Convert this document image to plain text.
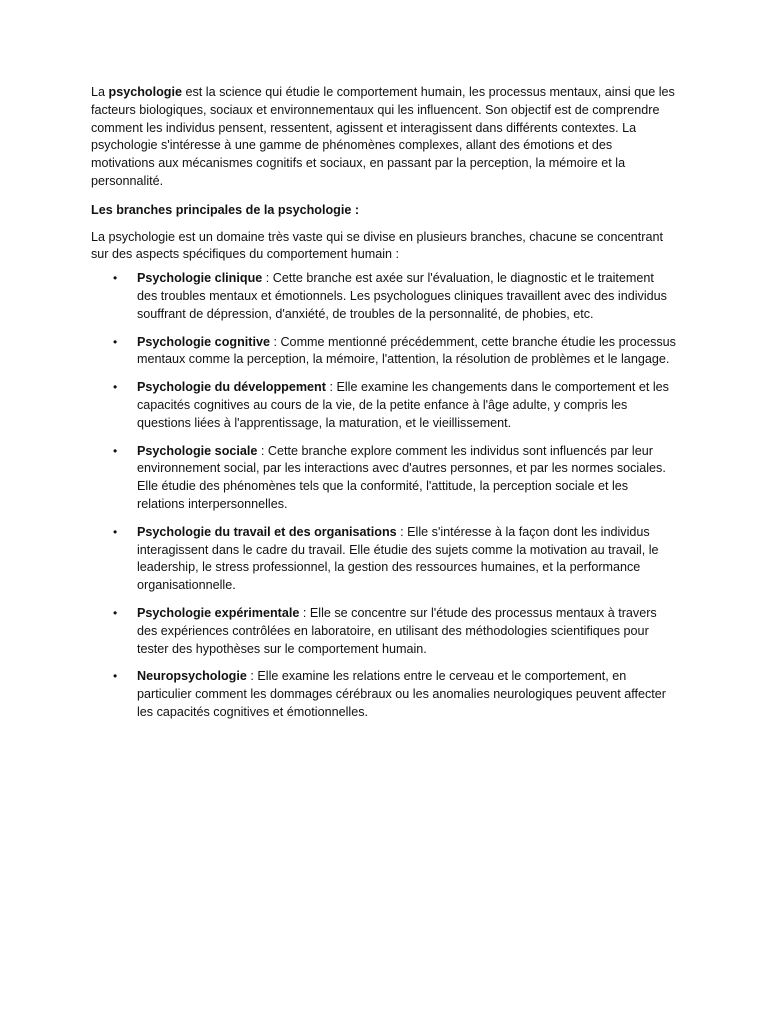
La psychologie est la science qui étudie le comportement humain, les processus mentaux, ainsi que les facteurs biologiques, sociaux et environnementaux qui les influencent. Son objectif est de comprendre comment les individus pensent, ressentent, agissent et interagissent dans différents contextes. La psychologie s'intéresse à une gamme de phénomènes complexes, allant des émotions et des motivations aux mécanismes cognitifs et sociaux, en passant par la perception, la mémoire et la personnalité.

Les branches principales de la psychologie :

La psychologie est un domaine très vaste qui se divise en plusieurs branches, chacune se concentrant sur des aspects spécifiques du comportement humain :

• Psychologie clinique : Cette branche est axée sur l'évaluation, le diagnostic et le traitement des troubles mentaux et émotionnels. Les psychologues cliniques travaillent avec des individus souffrant de dépression, d'anxiété, de troubles de la personnalité, de phobies, etc.
• Psychologie cognitive : Comme mentionné précédemment, cette branche étudie les processus mentaux comme la perception, la mémoire, l'attention, la résolution de problèmes et le langage.
• Psychologie du développement : Elle examine les changements dans le comportement et les capacités cognitives au cours de la vie, de la petite enfance à l'âge adulte, y compris les questions liées à l'apprentissage, la maturation, et le vieillissement.
• Psychologie sociale : Cette branche explore comment les individus sont influencés par leur environnement social, par les interactions avec d'autres personnes, et par les normes sociales. Elle étudie des phénomènes tels que la conformité, l'attitude, la perception sociale et les relations interpersonnelles.
• Psychologie du travail et des organisations : Elle s'intéresse à la façon dont les individus interagissent dans le cadre du travail. Elle étudie des sujets comme la motivation au travail, le leadership, le stress professionnel, la gestion des ressources humaines, et la performance organisationnelle.
• Psychologie expérimentale : Elle se concentre sur l'étude des processus mentaux à travers des expériences contrôlées en laboratoire, en utilisant des méthodologies scientifiques pour tester des hypothèses sur le comportement humain.
• Neuropsychologie : Elle examine les relations entre le cerveau et le comportement, en particulier comment les dommages cérébraux ou les anomalies neurologiques peuvent affecter les capacités cognitives et émotionnelles.
